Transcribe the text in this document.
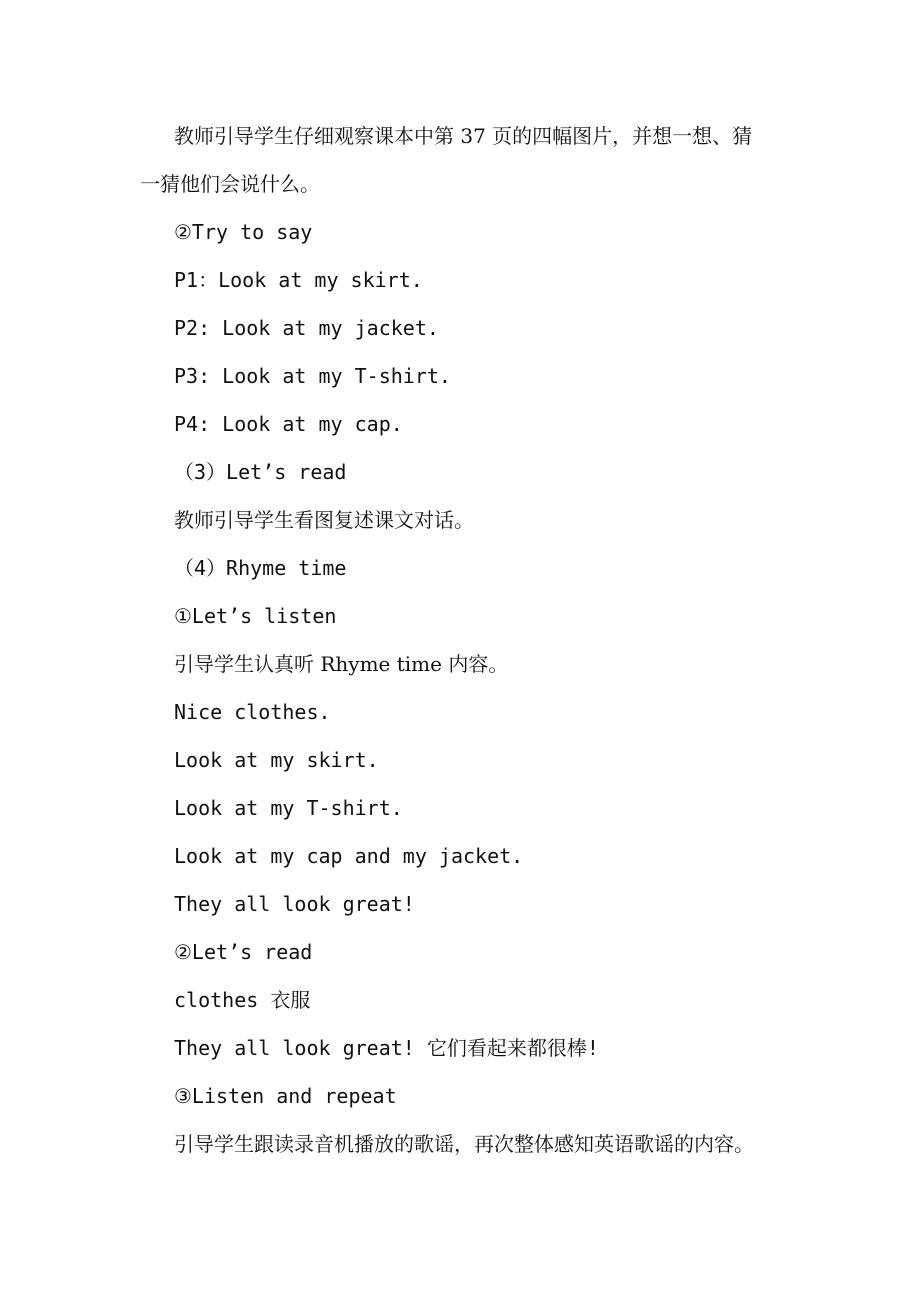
教师引导学生仔细观察课本中第 37 页的四幅图片，并想一想、猜

一猜他们会说什么。

②Try to say

P1：Look at my skirt.

P2: Look at my jacket.

P3: Look at my T-shirt.

P4: Look at my cap.

（3）Let’s read

教师引导学生看图复述课文对话。

（4）Rhyme time

①Let’s listen

引导学生认真听 Rhyme time 内容。

Nice clothes.

Look at my skirt.

Look at my T-shirt.

Look at my cap and my jacket.

They all look great!

②Let’s read

clothes 衣服

They all look great! 它们看起来都很棒!

③Listen and repeat

引导学生跟读录音机播放的歌谣，再次整体感知英语歌谣的内容。
